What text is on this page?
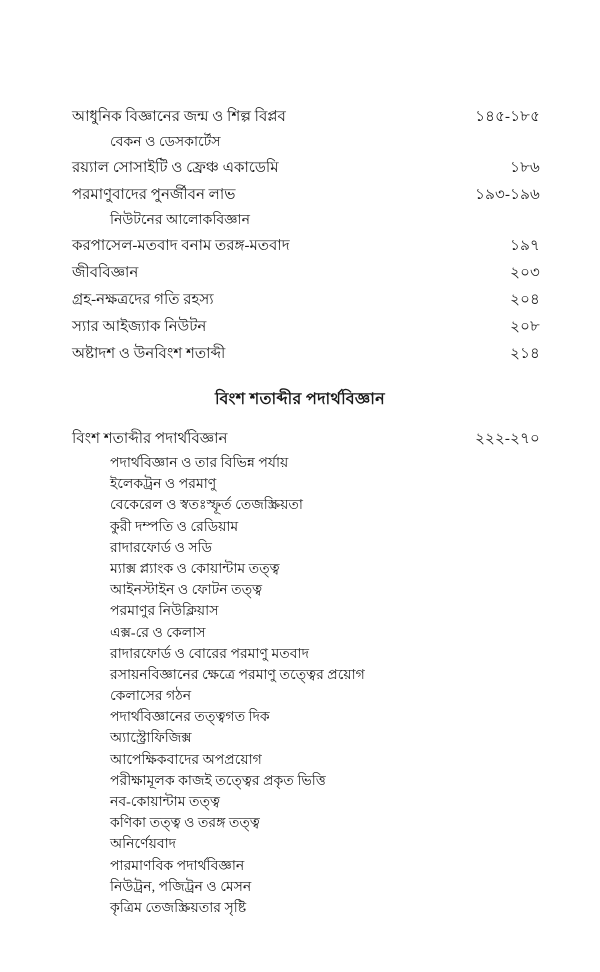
আধুনিক বিজ্ঞানের জন্ম ও শিল্প বিপ্লব	১৪৫-১৮৫
বেকন ও ডেসকার্টেস
রয়্যাল সোসাইটি ও ফ্রেঞ্চ একাডেমি	১৮৬
পরমাণুবাদের পুনর্জীবন লাভ	১৯৩-১৯৬
নিউটনের আলোকবিজ্ঞান
করপাসেল-মতবাদ বনাম তরঙ্গ-মতবাদ	১৯৭
জীববিজ্ঞান	২০৩
গ্রহ-নক্ষত্রদের গতি রহস্য	২০৪
স্যার আইজ্যাক নিউটন	২০৮
অষ্টাদশ ও উনবিংশ শতাব্দী	২১৪
বিংশ শতাব্দীর পদার্থবিজ্ঞান
বিংশ শতাব্দীর পদার্থবিজ্ঞান	২২২-২৭০
পদার্থবিজ্ঞান ও তার বিভিন্ন পর্যায়
ইলেকট্রন ও পরমাণু
বেকেরেল ও স্বতঃস্ফূর্ত তেজস্ক্রিয়তা
কুরী দম্পতি ও রেডিয়াম
রাদারফোর্ড ও সডি
ম্যাক্স প্ল্যাংক ও কোয়ান্টাম তত্ত্ব
আইনস্টাইন ও ফোটন তত্ত্ব
পরমাণুর নিউক্লিয়াস
এক্স-রে ও কেলাস
রাদারফোর্ড ও বোরের পরমাণু মতবাদ
রসায়নবিজ্ঞানের ক্ষেত্রে পরমাণু তত্ত্বের প্রয়োগ
কেলাসের গঠন
পদার্থবিজ্ঞানের তত্ত্বগত দিক
অ্যাস্ট্রোফিজিক্স
আপেক্ষিকবাদের অপপ্রয়োগ
পরীক্ষামূলক কাজই তত্ত্বের প্রকৃত ভিত্তি
নব-কোয়ান্টাম তত্ত্ব
কণিকা তত্ত্ব ও তরঙ্গ তত্ত্ব
অনির্ণেয়বাদ
পারমাণবিক পদার্থবিজ্ঞান
নিউট্রন, পজিট্রন ও মেসন
কৃত্রিম তেজস্ক্রিয়তার সৃষ্টি
